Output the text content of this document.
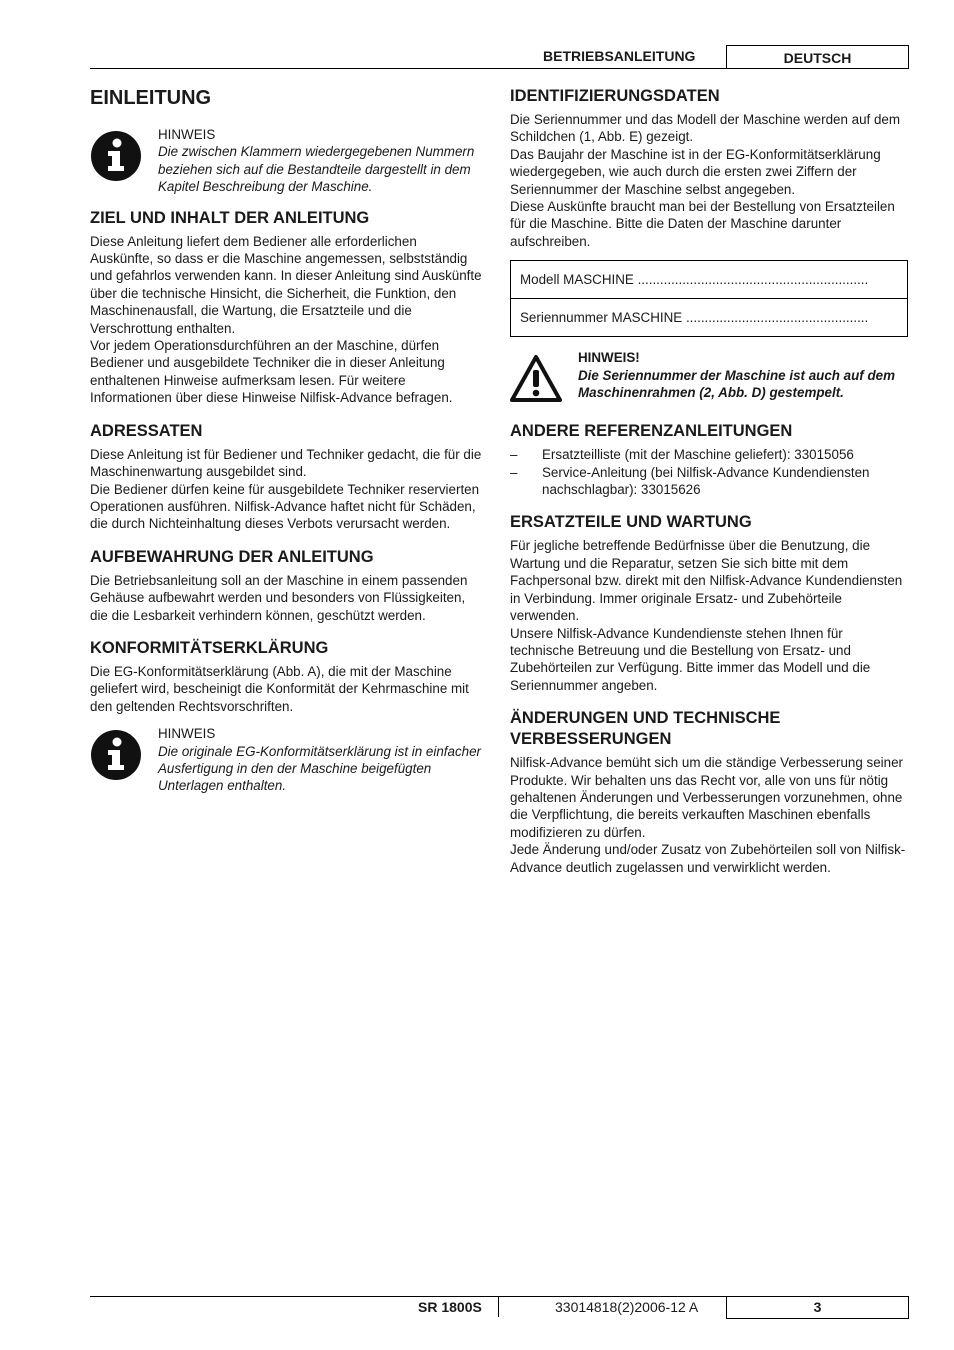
BETRIEBSANLEITUNG	DEUTSCH
EINLEITUNG
HINWEIS
Die zwischen Klammern wiedergegebenen Nummern beziehen sich auf die Bestandteile dargestellt in dem Kapitel Beschreibung der Maschine.
ZIEL UND INHALT DER ANLEITUNG

Diese Anleitung liefert dem Bediener alle erforderlichen Auskünfte, so dass er die Maschine angemessen, selbstständig und gefahrlos verwenden kann. In dieser Anleitung sind Auskünfte über die technische Hinsicht, die Sicherheit, die Funktion, den Maschinenausfall, die Wartung, die Ersatzteile und die Verschrottung enthalten.

Vor jedem Operationsdurchführen an der Maschine, dürfen Bediener und ausgebildete Techniker die in dieser Anleitung enthaltenen Hinweise aufmerksam lesen. Für weitere Informationen über diese Hinweise Nilfisk-Advance befragen.

ADRESSATEN

Diese Anleitung ist für Bediener und Techniker gedacht, die für die Maschinenwartung ausgebildet sind.

Die Bediener dürfen keine für ausgebildete Techniker reservierten Operationen ausführen. Nilfisk-Advance haftet nicht für Schäden, die durch Nichteinhaltung dieses Verbots verursacht werden.

AUFBEWAHRUNG DER ANLEITUNG

Die Betriebsanleitung soll an der Maschine in einem passenden Gehäuse aufbewahrt werden und besonders von Flüssigkeiten, die die Lesbarkeit verhindern können, geschützt werden.

KONFORMITÄTSERKLÄRUNG

Die EG-Konformitätserklärung (Abb. A), die mit der Maschine geliefert wird, bescheinigt die Konformität der Kehrmaschine mit den geltenden Rechtsvorschriften.

HINWEIS
Die originale EG-Konformitätserklärung ist in einfacher Ausfertigung in den der Maschine beigefügten Unterlagen enthalten.
IDENTIFIZIERUNGSDATEN

Die Seriennummer und das Modell der Maschine werden auf dem Schildchen (1, Abb. E) gezeigt.

Das Baujahr der Maschine ist in der EG-Konformitätserklärung wiedergegeben, wie auch durch die ersten zwei Ziffern der Seriennummer der Maschine selbst angegeben.

Diese Auskünfte braucht man bei der Bestellung von Ersatzteilen für die Maschine. Bitte die Daten der Maschine darunter aufschreiben.

Modell MASCHINE ..............................................................
Seriennummer MASCHINE .................................................
HINWEIS!
Die Seriennummer der Maschine ist auch auf dem Maschinenrahmen (2, Abb. D) gestempelt.
ANDERE REFERENZANLEITUNGEN
– Ersatzteilliste (mit der Maschine geliefert): 33015056
– Service-Anleitung (bei Nilfisk-Advance Kundendiensten nachschlagbar): 33015626
ERSATZTEILE UND WARTUNG

Für jegliche betreffende Bedürfnisse über die Benutzung, die Wartung und die Reparatur, setzen Sie sich bitte mit dem Fachpersonal bzw. direkt mit den Nilfisk-Advance Kundendiensten in Verbindung. Immer originale Ersatz- und Zubehörteile verwenden.

Unsere Nilfisk-Advance Kundendienste stehen Ihnen für technische Betreuung und die Bestellung von Ersatz- und Zubehörteilen zur Verfügung. Bitte immer das Modell und die Seriennummer angeben.

ÄNDERUNGEN UND TECHNISCHE VERBESSERUNGEN

Nilfisk-Advance bemüht sich um die ständige Verbesserung seiner Produkte. Wir behalten uns das Recht vor, alle von uns für nötig gehaltenen Änderungen und Verbesserungen vorzunehmen, ohne die Verpflichtung, die bereits verkauften Maschinen ebenfalls modifizieren zu dürfen.

Jede Änderung und/oder Zusatz von Zubehörteilen soll von Nilfisk-Advance deutlich zugelassen und verwirklicht werden.

SR 1800S	33014818(2)2006-12 A	3
